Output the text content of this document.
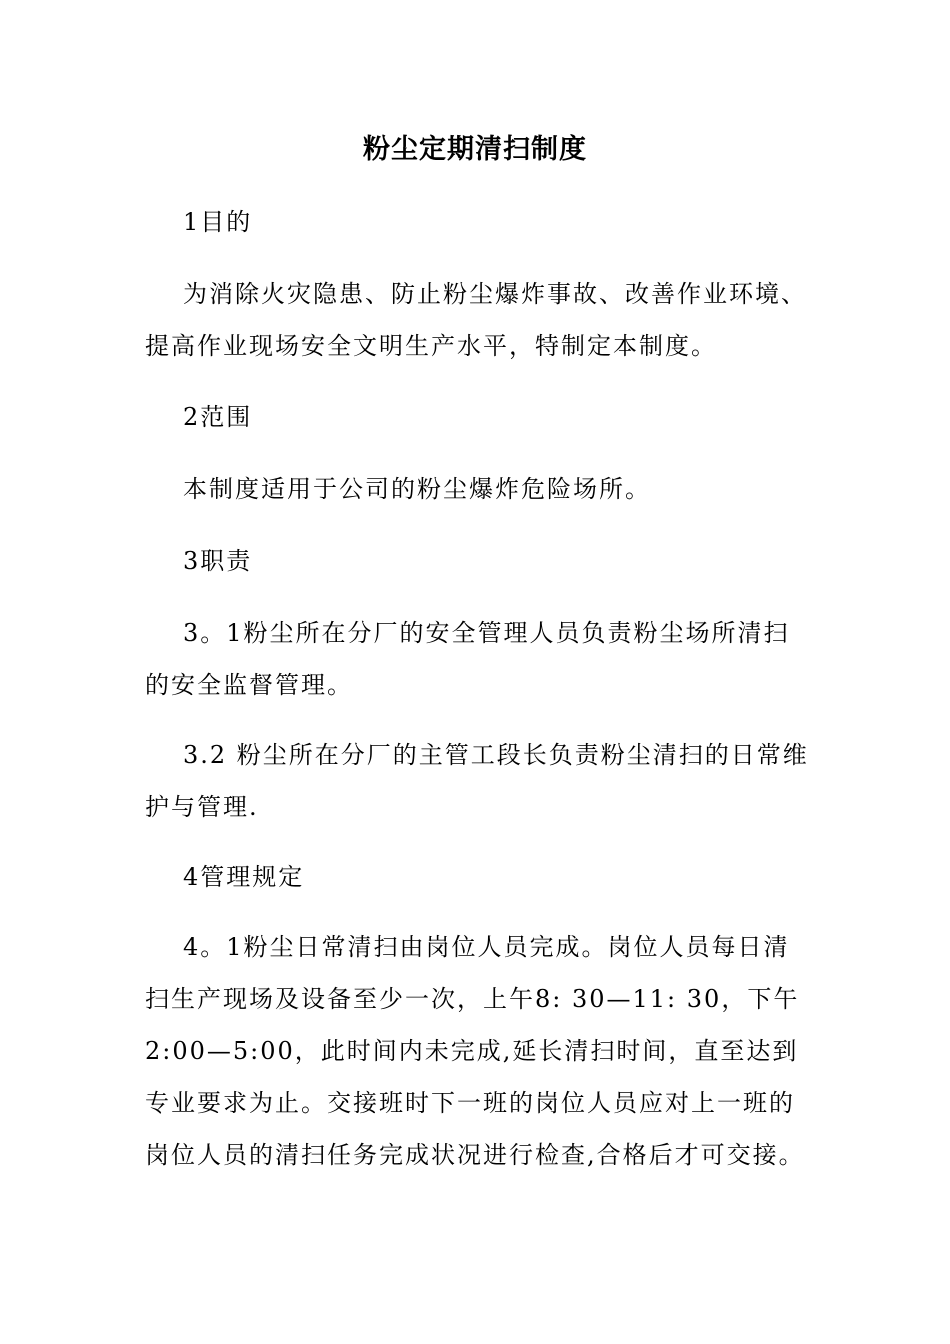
粉尘定期清扫制度
1目的
为消除火灾隐患、防止粉尘爆炸事故、改善作业环境、提高作业现场安全文明生产水平，特制定本制度。
2范围
本制度适用于公司的粉尘爆炸危险场所。
3职责
3。1粉尘所在分厂的安全管理人员负责粉尘场所清扫的安全监督管理。
3.2 粉尘所在分厂的主管工段长负责粉尘清扫的日常维护与管理.
4管理规定
4。1粉尘日常清扫由岗位人员完成。岗位人员每日清扫生产现场及设备至少一次，上午8: 30—11: 30，下午2:00—5:00，此时间内未完成,延长清扫时间，直至达到专业要求为止。交接班时下一班的岗位人员应对上一班的岗位人员的清扫任务完成状况进行检查,合格后才可交接。
